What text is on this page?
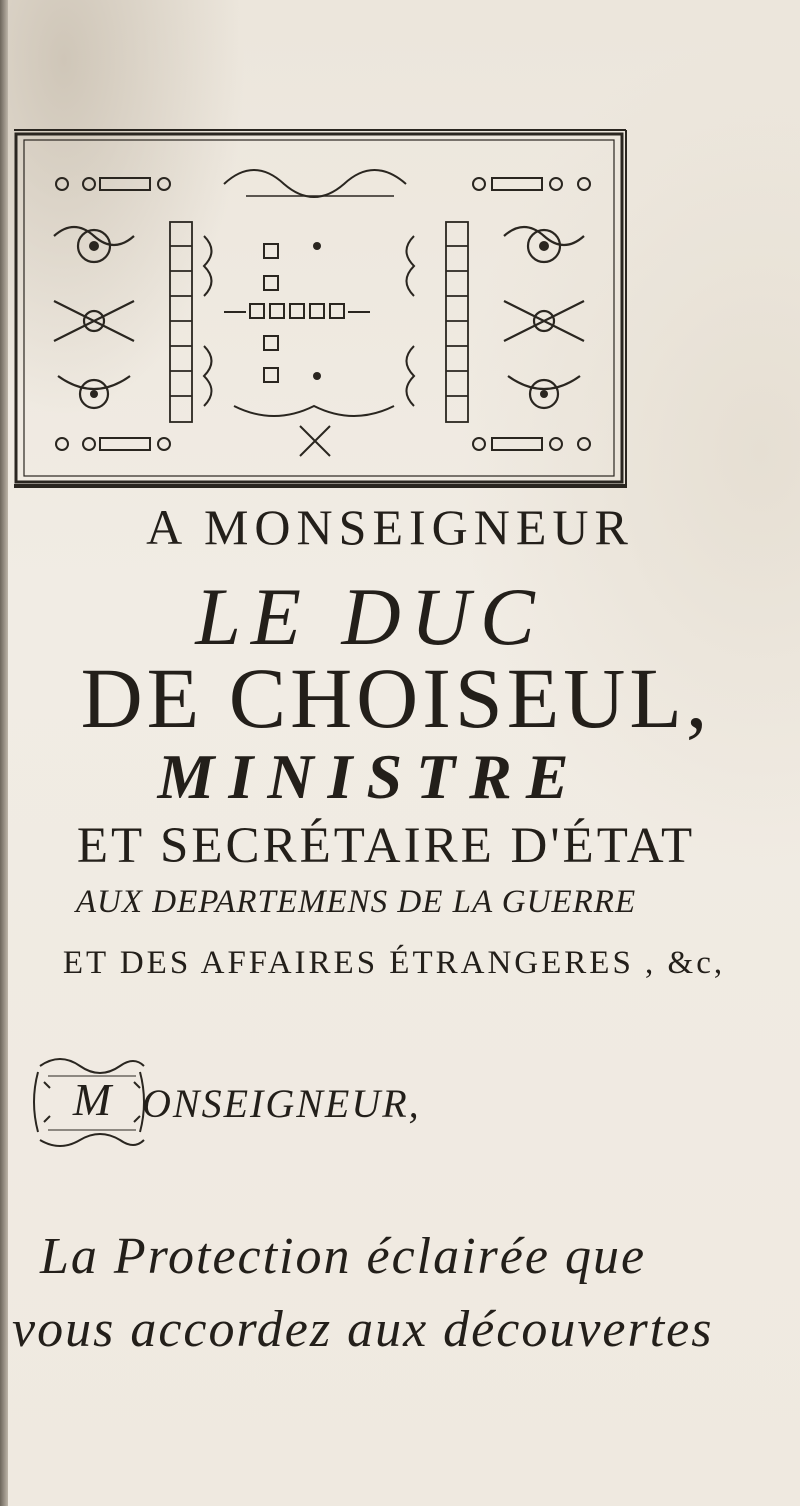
A MONSEIGNEUR
LE DUC
DE CHOISEUL,
MINISTRE
ET SECRÉTAIRE D'ÉTAT
AUX DEPARTEMENS DE LA GUERRE
ET DES AFFAIRES ÉTRANGERES , &c,
M ONSEIGNEUR,
La Protection éclairée que
vous accordez aux découvertes
